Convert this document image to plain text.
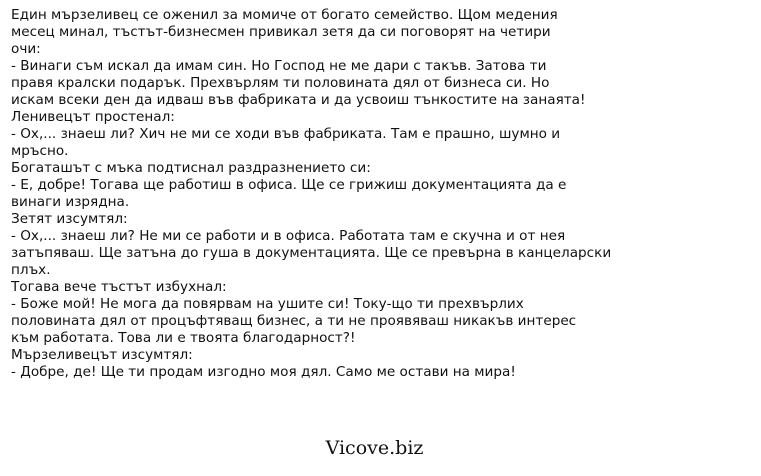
Един мързеливец се оженил за момиче от богато семейство. Щом медения
месец минал, тъстът-бизнесмен привикал зетя да си поговорят на четири
очи:
- Винаги съм искал да имам син. Но Господ не ме дари с такъв. Затова ти
правя кралски подарък. Прехвърлям ти половината дял от бизнеса си. Но
искам всеки ден да идваш във фабриката и да усвоиш тънкостите на занаята!
Ленивецът простенал:
- Ох,... знаеш ли? Хич не ми се ходи във фабриката. Там е прашно, шумно и
мръсно.
Богаташът с мъка подтиснал раздразнението си:
- Е, добре! Тогава ще работиш в офиса. Ще се грижиш документацията да е
винаги изрядна.
Зетят изсумтял:
- Ох,... знаеш ли? Не ми се работи и в офиса. Работата там е скучна и от нея
затъпяваш. Ще затъна до гуша в документацията. Ще се превърна в канцеларски
плъх.
Тогава вече тъстът избухнал:
- Боже мой! Не мога да повярвам на ушите си! Току-що ти прехвърлих
половината дял от процъфтяващ бизнес, а ти не проявяваш никакъв интерес
към работата. Това ли е твоята благодарност?!
Мързеливецът изсумтял:
- Добре, де! Ще ти продам изгодно моя дял. Само ме остави на мира!
Vicove.biz
